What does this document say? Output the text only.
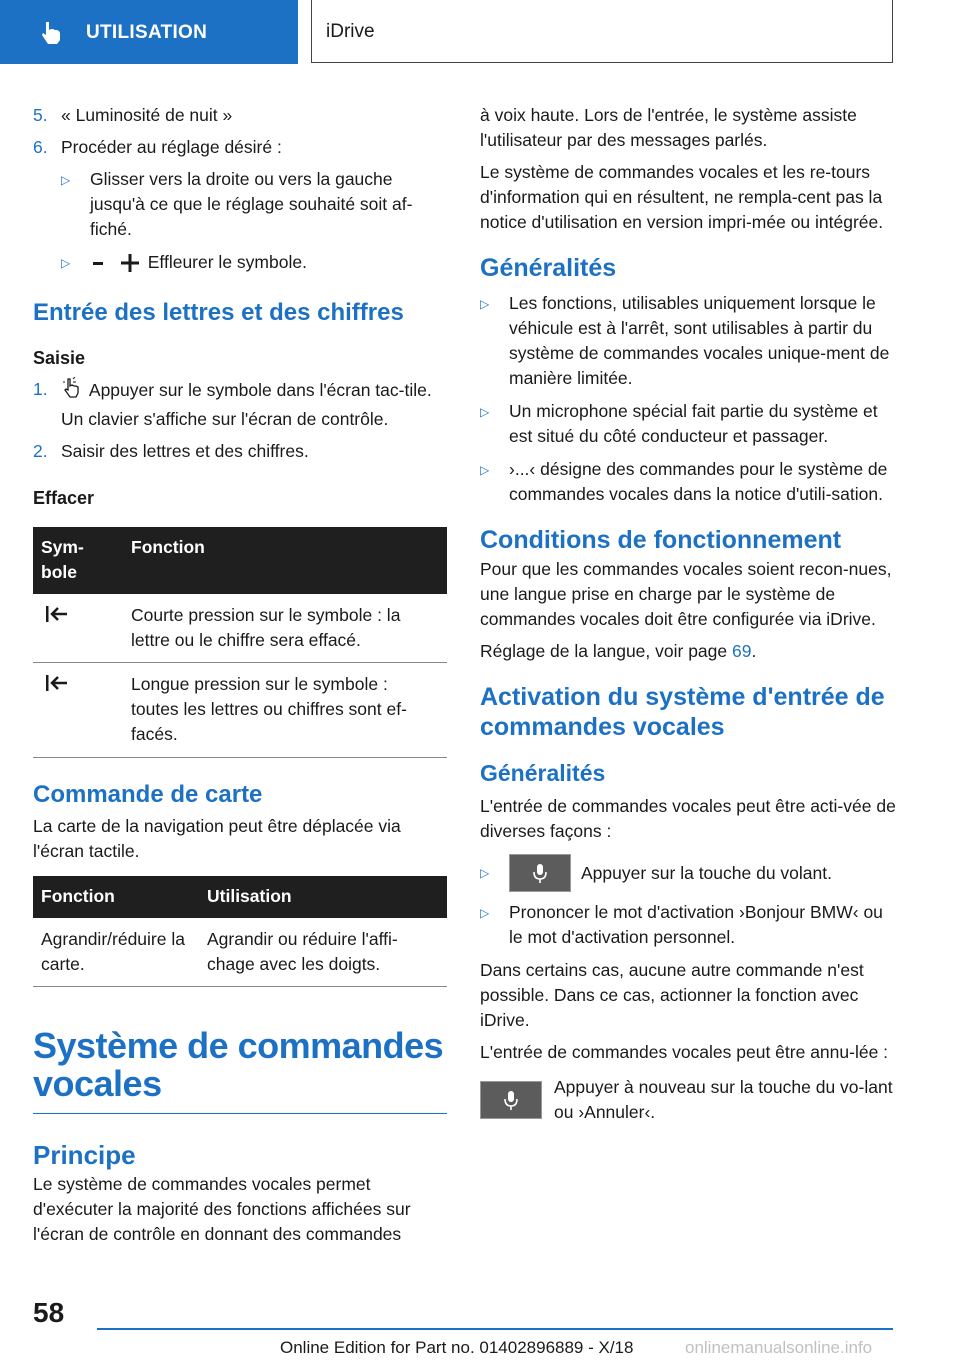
UTILISATION	iDrive
5. « Luminosité de nuit »
6. Procéder au réglage désiré :
▷
Glisser vers la droite ou vers la gauche jusqu'à ce que le réglage souhaité soit af‐fiché.
▷
Effleurer le symbole.
Entrée des lettres et des chiffres
Saisie
1.	Appuyer sur le symbole dans l'écran tac‐tile.
Un clavier s'affiche sur l'écran de contrôle.
2. Saisir des lettres et des chiffres.
Effacer
Sym‐bole	Fonction
	Courte pression sur le symbole : la lettre ou le chiffre sera effacé.
	Longue pression sur le symbole : toutes les lettres ou chiffres sont ef‐facés.
Commande de carte

La carte de la navigation peut être déplacée via l'écran tactile.

Fonction	Utilisation
Agrandir/réduire la carte.	Agrandir ou réduire l'affi‐chage avec les doigts.
Système de commandes vocales
Principe

Le système de commandes vocales permet d'exécuter la majorité des fonctions affichées sur l'écran de contrôle en donnant des commandes

à voix haute. Lors de l'entrée, le système assiste l'utilisateur par des messages parlés.

Le système de commandes vocales et les re‐tours d'information qui en résultent, ne rempla‐cent pas la notice d'utilisation en version impri‐mée ou intégrée.

Généralités
▷
Les fonctions, utilisables uniquement lorsque le véhicule est à l'arrêt, sont utilisables à partir du système de commandes vocales unique‐ment de manière limitée.
▷
Un microphone spécial fait partie du système et est situé du côté conducteur et passager.
▷
›...‹ désigne des commandes pour le système de commandes vocales dans la notice d'utili‐sation.
Conditions de fonctionnement

Pour que les commandes vocales soient recon‐nues, une langue prise en charge par le système de commandes vocales doit être configurée via iDrive.

Réglage de la langue, voir page 69.

Activation du système d'entrée de commandes vocales
Généralités

L'entrée de commandes vocales peut être acti‐vée de diverses façons :

▷
Appuyer sur la touche du volant.
▷
Prononcer le mot d'activation ›Bonjour BMW‹ ou le mot d'activation personnel.

Dans certains cas, aucune autre commande n'est possible. Dans ce cas, actionner la fonction avec iDrive.

L'entrée de commandes vocales peut être annu‐lée :

Appuyer à nouveau sur la touche du vo‐lant ou ›Annuler‹.
58
Online Edition for Part no. 01402896889 - X/18	onlinemanualsonline.info
